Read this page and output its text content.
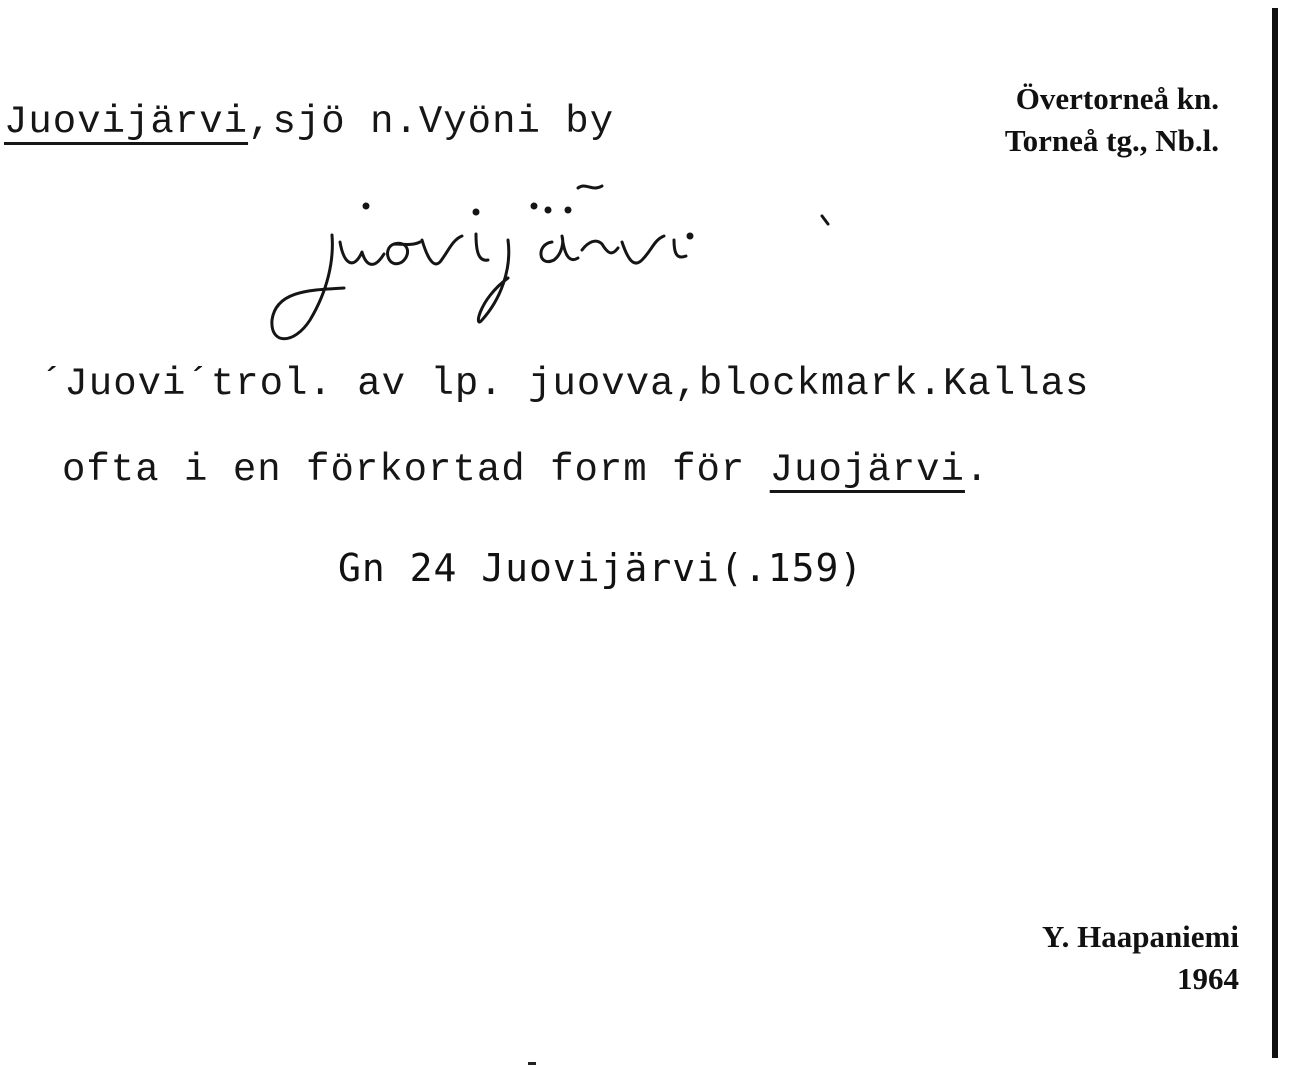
Juovijärvi,sjö n.Vyöni by
Övertorneå kn.
Torneå tg., Nb.l.
juovijärvi
´Juovi´trol. av lp. juovva,blockmark.Kallas
ofta i en förkortad form för Juojärvi.
Gn 24 Juovijärvi(.159)
Y. Haapaniemi
1964
